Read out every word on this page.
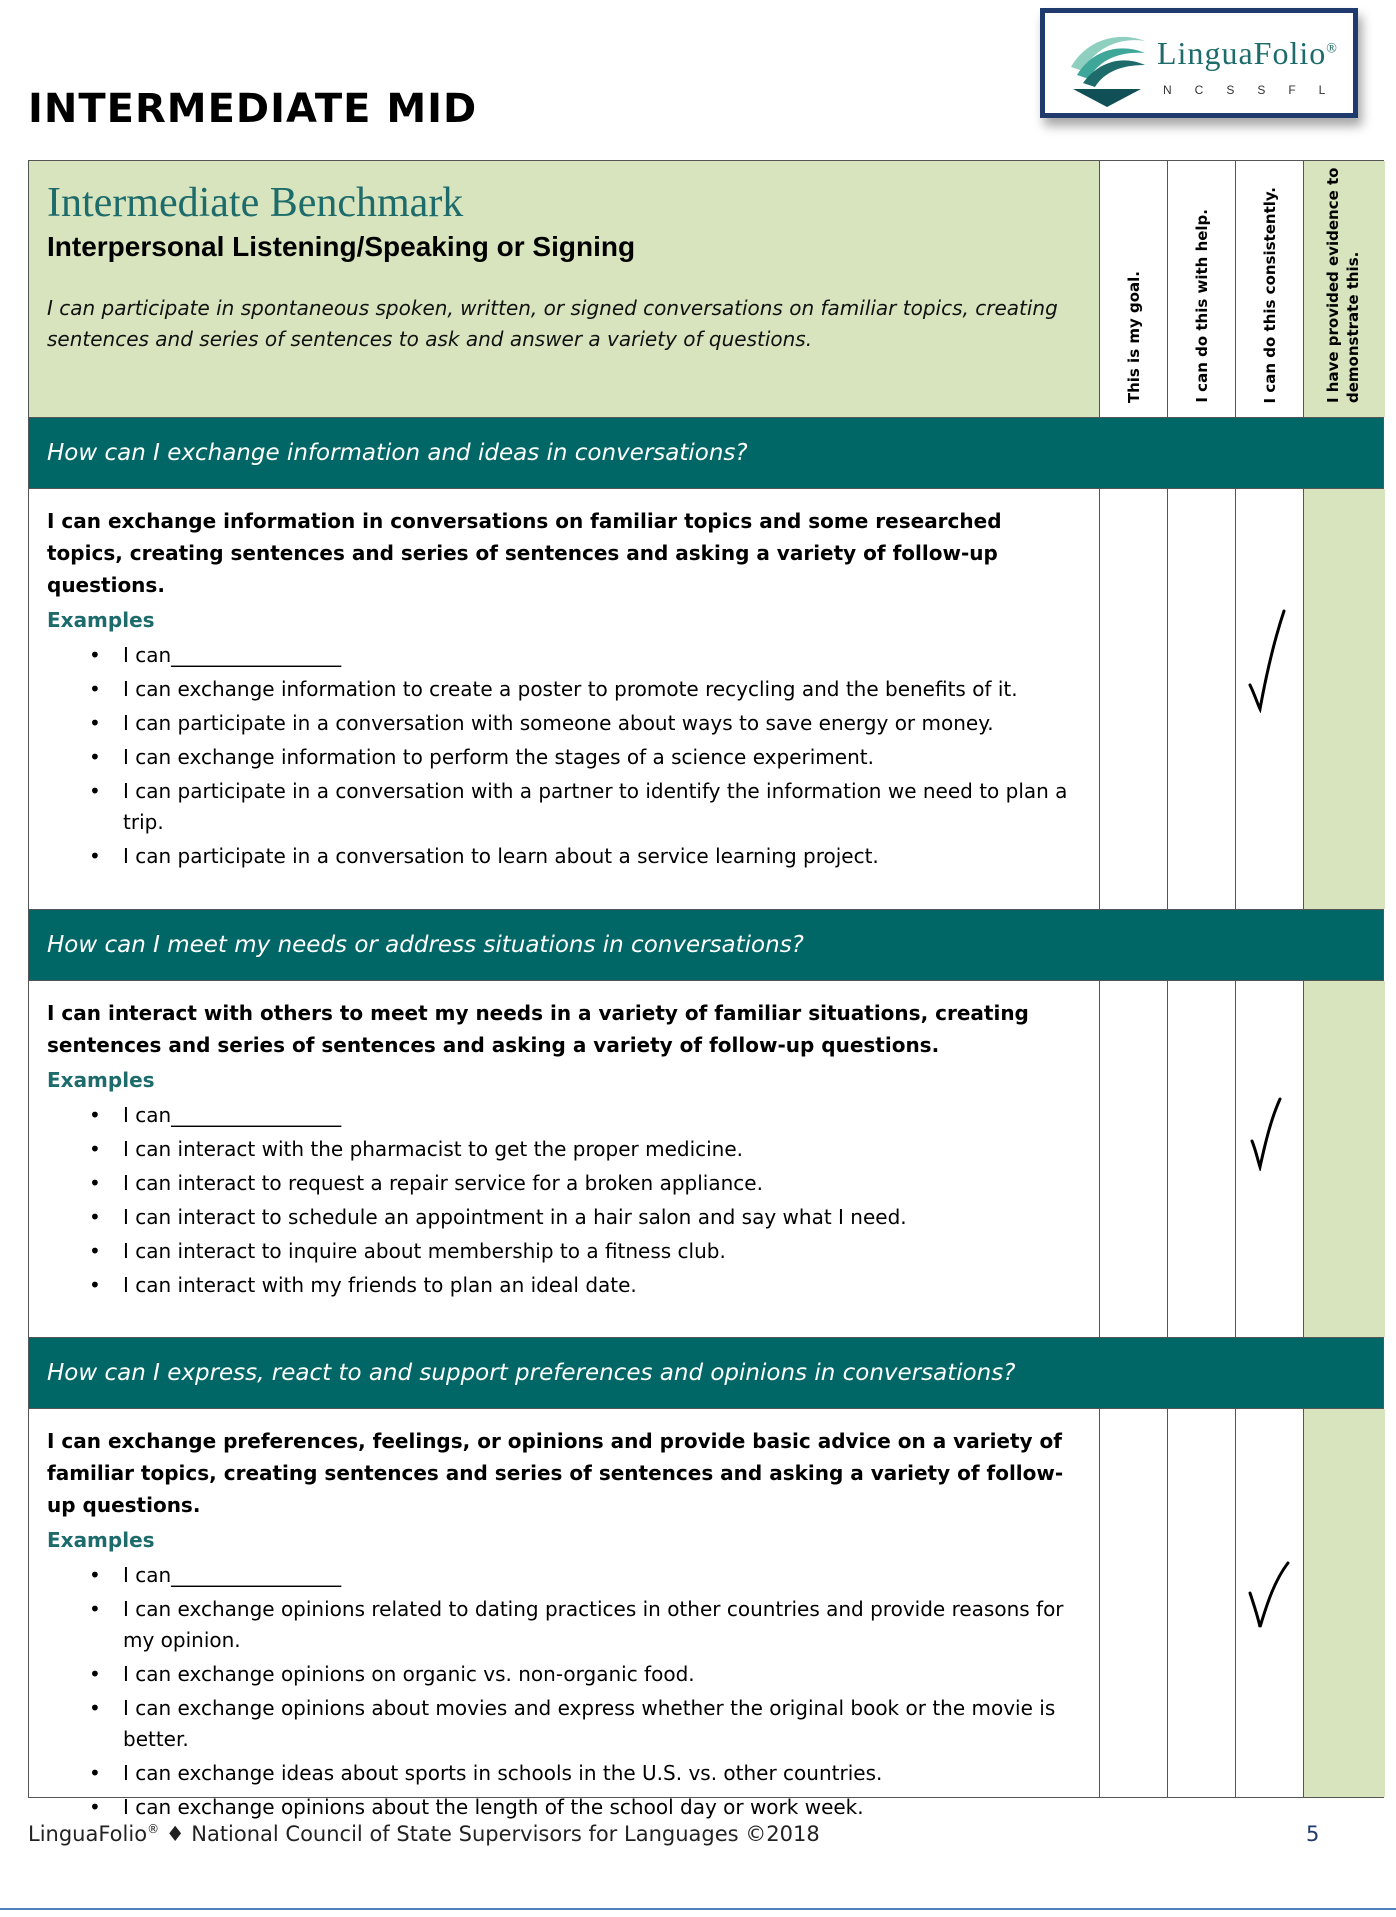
INTERMEDIATE MID
LinguaFolio®
NCSSFL
Intermediate Benchmark
Interpersonal Listening/Speaking or Signing
I can participate in spontaneous spoken, written, or signed conversations on familiar topics, creating sentences and series of sentences to ask and answer a variety of questions.	This is my goal.	I can do this with help.	I can do this consistently.	I have provided evidence to demonstrate this.
How can I exchange information and ideas in conversations?
I can exchange information in conversations on familiar topics and some researched topics, creating sentences and series of sentences and asking a variety of follow-up questions.
Examples
• I can_________________
• I can exchange information to create a poster to promote recycling and the benefits of it.
• I can participate in a conversation with someone about ways to save energy or money.
• I can exchange information to perform the stages of a science experiment.
• I can participate in a conversation with a partner to identify the information we need to plan a trip.
• I can participate in a conversation to learn about a service learning project.
How can I meet my needs or address situations in conversations?
I can interact with others to meet my needs in a variety of familiar situations, creating sentences and series of sentences and asking a variety of follow-up questions.
Examples
• I can_________________
• I can interact with the pharmacist to get the proper medicine.
• I can interact to request a repair service for a broken appliance.
• I can interact to schedule an appointment in a hair salon and say what I need.
• I can interact to inquire about membership to a fitness club.
• I can interact with my friends to plan an ideal date.
How can I express, react to and support preferences and opinions in conversations?
I can exchange preferences, feelings, or opinions and provide basic advice on a variety of familiar topics, creating sentences and series of sentences and asking a variety of follow-up questions.
Examples
• I can_________________
• I can exchange opinions related to dating practices in other countries and provide reasons for my opinion.
• I can exchange opinions on organic vs. non-organic food.
• I can exchange opinions about movies and express whether the original book or the movie is better.
• I can exchange ideas about sports in schools in the U.S. vs. other countries.
• I can exchange opinions about the length of the school day or work week.
LinguaFolio® ♦ National Council of State Supervisors for Languages ©2018	5
